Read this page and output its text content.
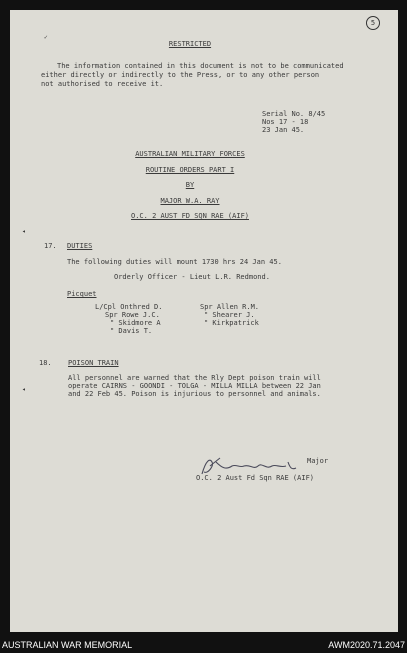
5
✓
RESTRICTED
The information contained in this document is not to be communicated
either directly or indirectly to the Press, or to any other person
not authorised to receive it.
Serial No. 8/45
Nos 17 - 18
23 Jan 45.
AUSTRALIAN MILITARY FORCES
ROUTINE ORDERS PART I
BY
MAJOR W.A. RAY
O.C. 2 AUST FD SQN RAE (AIF)
◂
17. DUTIES
The following duties will mount 1730 hrs 24 Jan 45.
Orderly Officer - Lieut L.R. Redmond.
Picquet
L/Cpl Onthred D.
Spr Rowe J.C.
" Skidmore A
" Davis T.
Spr Allen R.M.
" Shearer J.
" Kirkpatrick
18. POISON TRAIN
All personnel are warned that the Rly Dept poison train will
operate CAIRNS - GOONDI - TOLGA - MILLA MILLA between 22 Jan
and 22 Feb 45. Poison is injurious to personnel and animals.
◂
Major
O.C. 2 Aust Fd Sqn RAE (AIF)
AUSTRALIAN WAR MEMORIAL	AWM2020.71.2047
